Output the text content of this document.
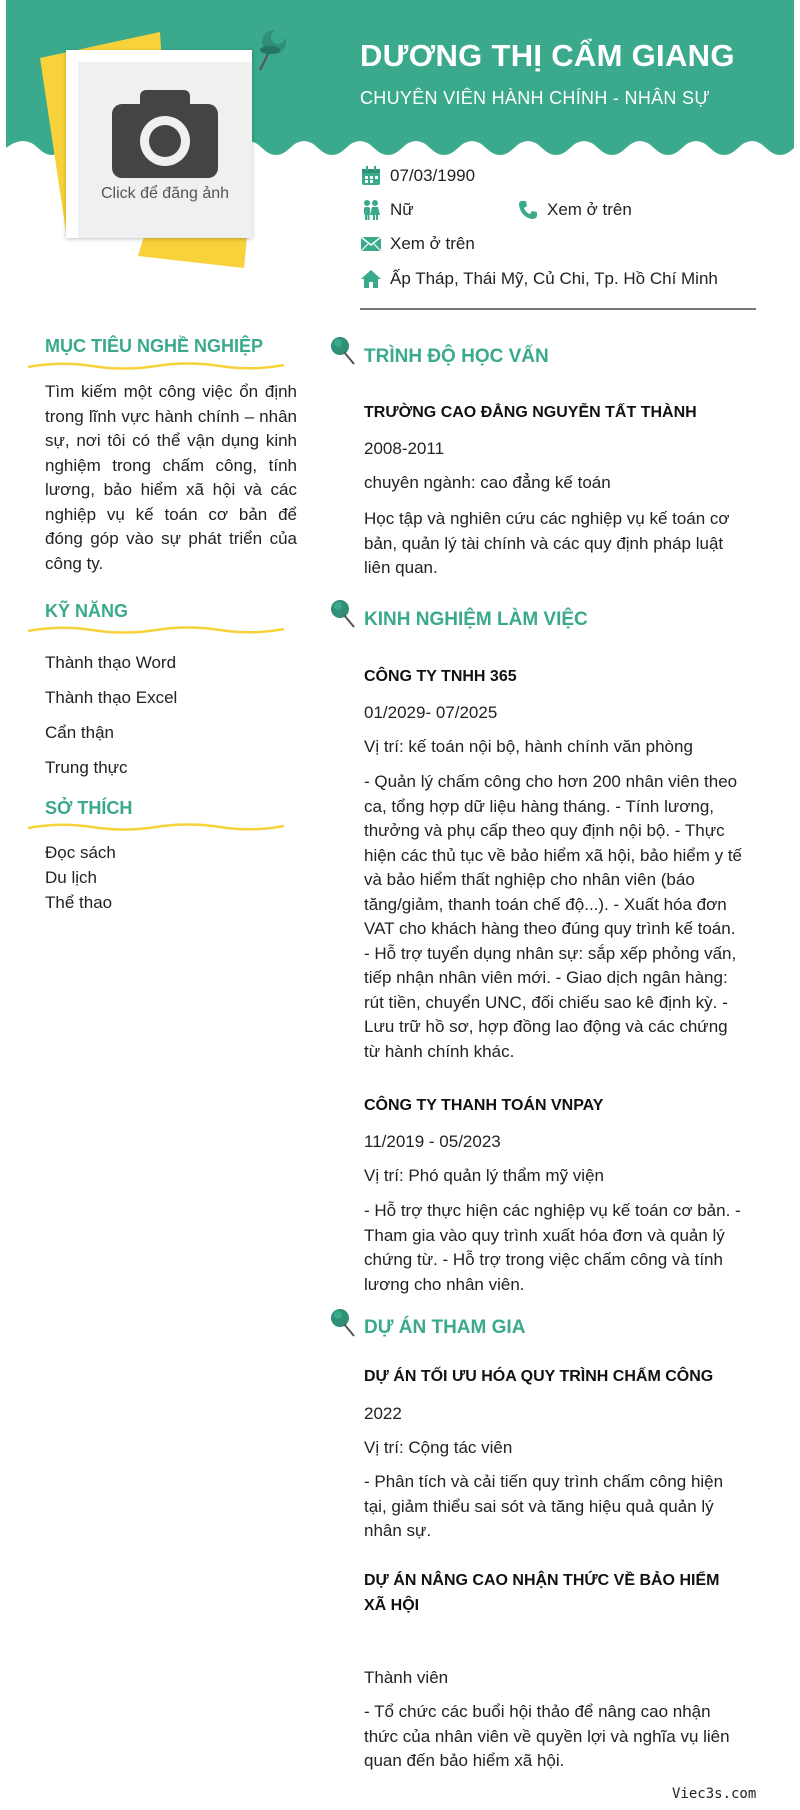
DƯƠNG THỊ CẨM GIANG
CHUYÊN VIÊN HÀNH CHÍNH - NHÂN SỰ
Click để đăng ảnh
07/03/1990
Nữ	Xem ở trên
Xem ở trên
Ấp Tháp, Thái Mỹ, Củ Chi, Tp. Hồ Chí Minh
MỤC TIÊU NGHỀ NGHIỆP
Tìm kiếm một công việc ổn định trong lĩnh vực hành chính – nhân sự, nơi tôi có thể vận dụng kinh nghiệm trong chấm công, tính lương, bảo hiểm xã hội và các nghiệp vụ kế toán cơ bản để đóng góp vào sự phát triển của công ty.
KỸ NĂNG
Thành thạo Word
Thành thạo Excel
Cẩn thận
Trung thực
SỞ THÍCH
Đọc sách
Du lịch
Thể thao
TRÌNH ĐỘ HỌC VẤN
TRƯỜNG CAO ĐẲNG NGUYỄN TẤT THÀNH
2008-2011
chuyên ngành: cao đẳng kế toán
Học tập và nghiên cứu các nghiệp vụ kế toán cơ bản, quản lý tài chính và các quy định pháp luật liên quan.
KINH NGHIỆM LÀM VIỆC
CÔNG TY TNHH 365
01/2029- 07/2025
Vị trí: kế toán nội bộ, hành chính văn phòng
- Quản lý chấm công cho hơn 200 nhân viên theo ca, tổng hợp dữ liệu hàng tháng. - Tính lương, thưởng và phụ cấp theo quy định nội bộ. - Thực hiện các thủ tục về bảo hiểm xã hội, bảo hiểm y tế và bảo hiểm thất nghiệp cho nhân viên (báo tăng/giảm, thanh toán chế độ...). - Xuất hóa đơn VAT cho khách hàng theo đúng quy trình kế toán. - Hỗ trợ tuyển dụng nhân sự: sắp xếp phỏng vấn, tiếp nhận nhân viên mới. - Giao dịch ngân hàng: rút tiền, chuyển UNC, đối chiếu sao kê định kỳ. - Lưu trữ hồ sơ, hợp đồng lao động và các chứng từ hành chính khác.
CÔNG TY THANH TOÁN VNPAY
11/2019 - 05/2023
Vị trí: Phó quản lý thẩm mỹ viện
- Hỗ trợ thực hiện các nghiệp vụ kế toán cơ bản. - Tham gia vào quy trình xuất hóa đơn và quản lý chứng từ. - Hỗ trợ trong việc chấm công và tính lương cho nhân viên.
DỰ ÁN THAM GIA
DỰ ÁN TỐI ƯU HÓA QUY TRÌNH CHẤM CÔNG
2022
Vị trí: Cộng tác viên
- Phân tích và cải tiến quy trình chấm công hiện tại, giảm thiểu sai sót và tăng hiệu quả quản lý nhân sự.
DỰ ÁN NÂNG CAO NHẬN THỨC VỀ BẢO HIỂM XÃ HỘI
Thành viên
- Tổ chức các buổi hội thảo để nâng cao nhận thức của nhân viên về quyền lợi và nghĩa vụ liên quan đến bảo hiểm xã hội.
Viec3s.com
